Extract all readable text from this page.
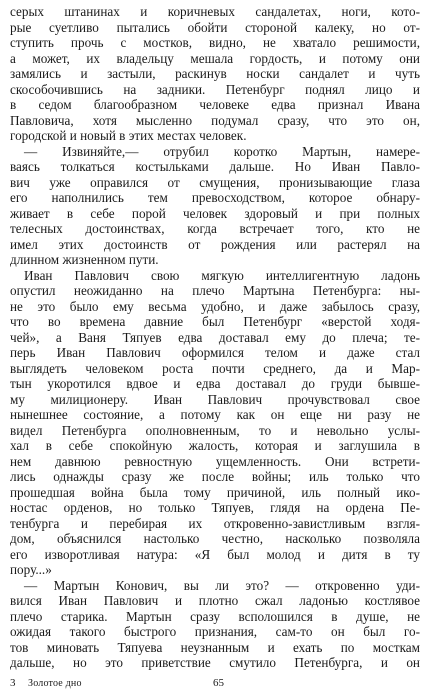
серых штанинах и коричневых сандалетах, ноги, кото-
рые суетливо пытались обойти стороной калеку, но от-
ступить прочь с мостков, видно, не хватало решимости,
а может, их владельцу мешала гордость, и потому они
замялись и застыли, раскинув носки сандалет и чуть
скособочившись на задники. Петенбург поднял лицо и
в седом благообразном человеке едва признал Ивана
Павловича, хотя мысленно подумал сразу, что это он,
городской и новый в этих местах человек.
— Извиняйте,— отрубил коротко Мартын, намере-
ваясь толкаться костыльками дальше. Но Иван Павло-
вич уже оправился от смущения, пронизывающие глаза
его наполнились тем превосходством, которое обнару-
живает в себе порой человек здоровый и при полных
телесных достоинствах, когда встречает того, кто не
имел этих достоинств от рождения или растерял на
длинном жизненном пути.
Иван Павлович свою мягкую интеллигентную ладонь
опустил неожиданно на плечо Мартына Петенбурга: ны-
не это было ему весьма удобно, и даже забылось сразу,
что во времена давние был Петенбург «верстой ходя-
чей», а Ваня Тяпуев едва доставал ему до плеча; те-
перь Иван Павлович оформился телом и даже стал
выглядеть человеком роста почти среднего, да и Мар-
тын укоротился вдвое и едва доставал до груди бывше-
му милиционеру. Иван Павлович прочувствовал свое
нынешнее состояние, а потому как он еще ни разу не
видел Петенбурга ополновненным, то и невольно услы-
хал в себе спокойную жалость, которая и заглушила в
нем давнюю ревностную ущемленность. Они встрети-
лись однажды сразу же после войны; иль только что
прошедшая война была тому причиной, иль полный ико-
ностас орденов, но только Тяпуев, глядя на ордена Пе-
тенбурга и перебирая их откровенно-завистливым взгля-
дом, объяснился настолько честно, насколько позволяла
его изворотливая натура: «Я был молод и дитя в ту
пору...»
— Мартын Конович, вы ли это? — откровенно уди-
вился Иван Павлович и плотно сжал ладонью костлявое
плечо старика. Мартын сразу всполошился в душе, не
ожидая такого быстрого признания, сам-то он был го-
тов миновать Тяпуева неузнанным и ехать по мосткам
дальше, но это приветствие смутило Петенбурга, и он
3 Золотое дно	65
